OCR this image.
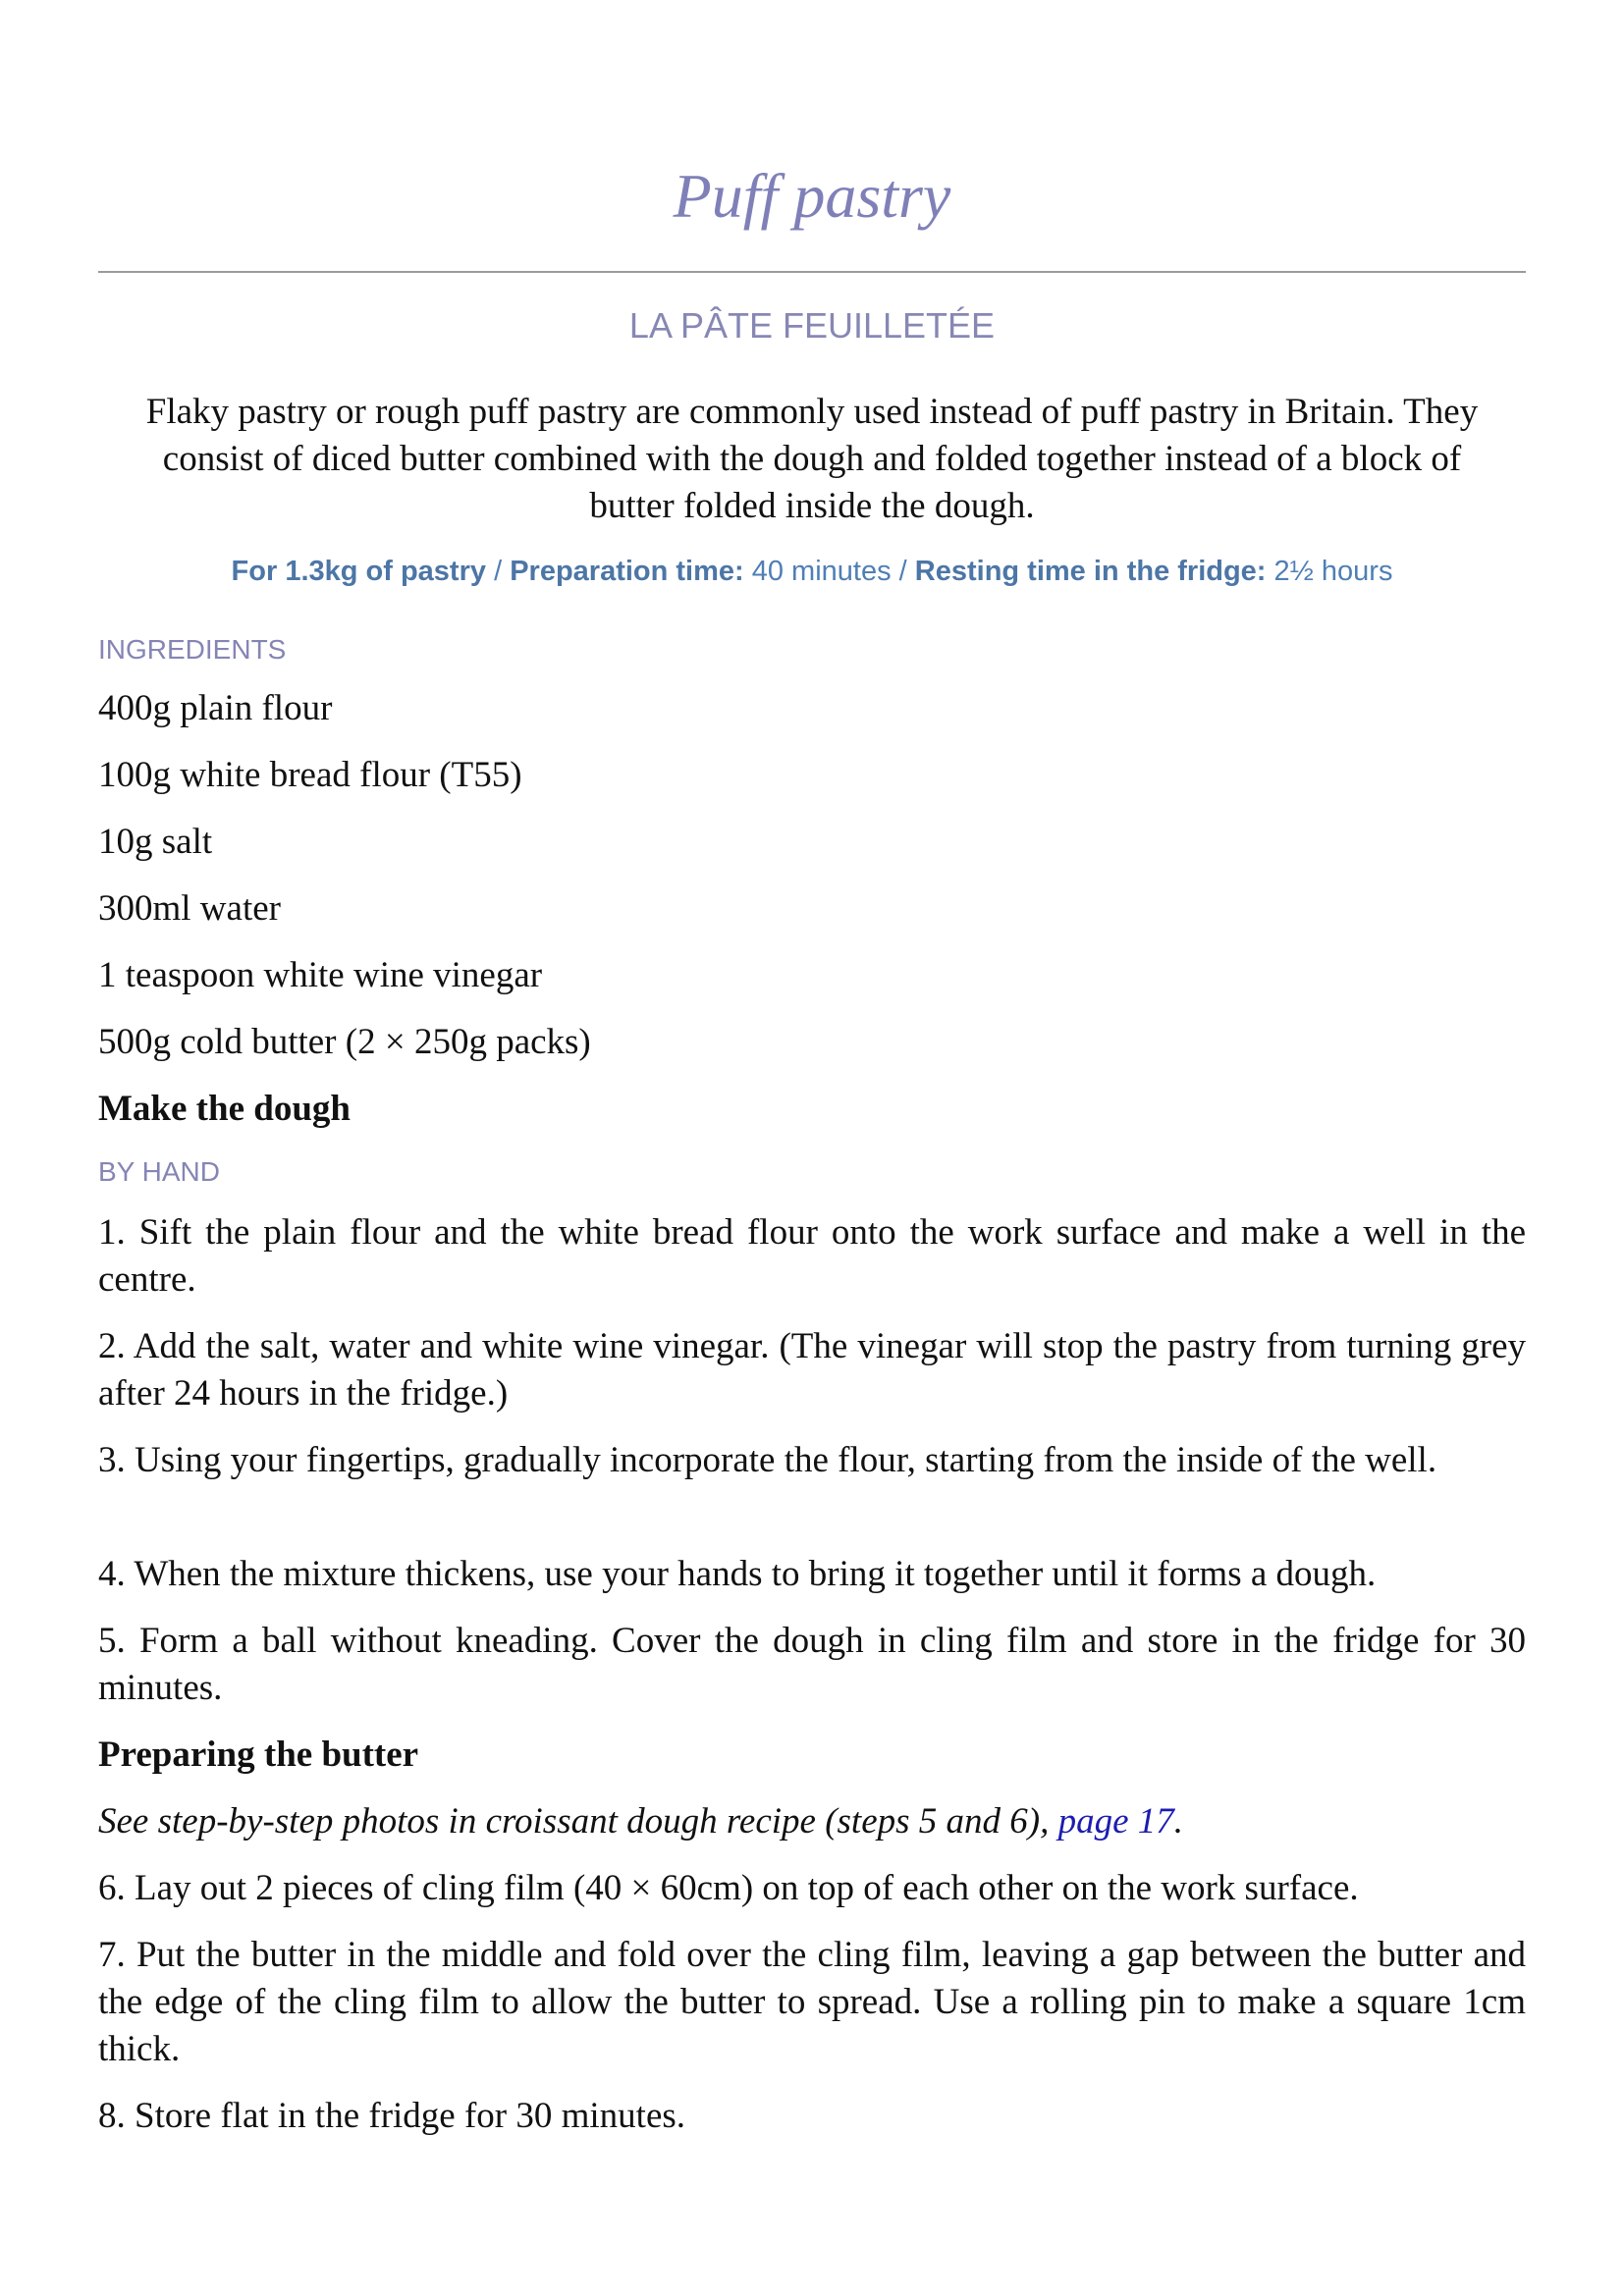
Puff pastry
LA PÂTE FEUILLETÉE
Flaky pastry or rough puff pastry are commonly used instead of puff pastry in Britain. They consist of diced butter combined with the dough and folded together instead of a block of butter folded inside the dough.
For 1.3kg of pastry / Preparation time: 40 minutes / Resting time in the fridge: 2½ hours
INGREDIENTS
400g plain flour
100g white bread flour (T55)
10g salt
300ml water
1 teaspoon white wine vinegar
500g cold butter (2 × 250g packs)
Make the dough
BY HAND
1. Sift the plain flour and the white bread flour onto the work surface and make a well in the centre.
2. Add the salt, water and white wine vinegar. (The vinegar will stop the pastry from turning grey after 24 hours in the fridge.)
3. Using your fingertips, gradually incorporate the flour, starting from the inside of the well.
4. When the mixture thickens, use your hands to bring it together until it forms a dough.
5. Form a ball without kneading. Cover the dough in cling film and store in the fridge for 30 minutes.
Preparing the butter
See step-by-step photos in croissant dough recipe (steps 5 and 6), page 17.
6. Lay out 2 pieces of cling film (40 × 60cm) on top of each other on the work surface.
7. Put the butter in the middle and fold over the cling film, leaving a gap between the butter and the edge of the cling film to allow the butter to spread. Use a rolling pin to make a square 1cm thick.
8. Store flat in the fridge for 30 minutes.
